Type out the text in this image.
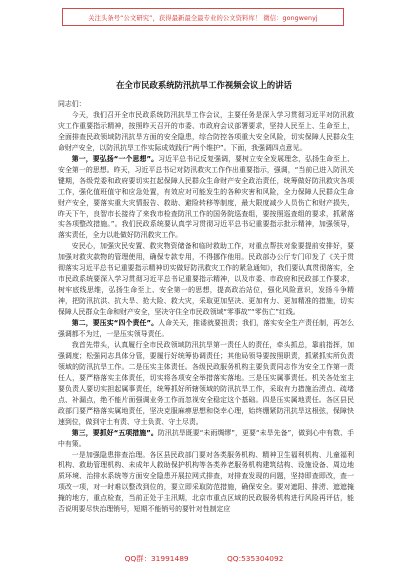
关注头条号“公文研究”，获得最新最全最专业的公文资料库！ 微信：gongwenyj
在全市民政系统防汛抗旱工作视频会议上的讲话

同志们：

今天，我们召开全市民政系统防汛抗旱工作会议，主要任务是深入学习贯彻习近平对防汛救灾工作重要指示精神，按照昨天召开的市委、市政府会议部署要求，坚持人民至上、生命至上，全面排查民政领域防汛抗旱方面的安全隐患，综合防控各项重大安全风险，切实保障人民群众生命财产安全，以防汛抗旱工作实际成效践行“两个维护”。下面，我强调四点意见。

第一，要弘扬“一个思想”。习近平总书记反复强调，要树立安全发展理念，弘扬生命至上、安全第一的思想。昨天，习近平总书记对防汛救灾工作作出重要指示，强调，“当前已进入防汛关键期，各级党委和政府要切实扛起保障人民群众生命财产安全政治责任，统筹做好防汛救灾各项工作，强化值班值守和应急处置，有效应对可能发生的各种灾害和风险，全力保障人民群众生命财产安全，要落实重大灾情报告、救助、避险转移等制度，最大限度减少人员伤亡和财产损失，昨天下午，良智市长接待了来我市检查防汛工作的国务院巡查组，要按照巡查组的要求，抓紧落实各项整改措施。”。我们民政系统要认真学习贯彻习近平总书记重要指示批示精神，加强领导，落实责任，全力以赴做好防汛救灾工作。

安民心，加强灾民安置、救灾物资储备和临时救助工作，对重点帮扶对象要提前安排好，要加强对救灾款物的管理使用，确保专款专用，不得挪作他用。民政部办公厅专门印发了《关于贯彻落实习近平总书记重要指示精神切实做好防汛救灾工作的紧急通知》，我们要认真贯彻落实，全市民政系统要深入学习贯彻习近平总书记重要指示精神，以及市委、市政府和民政部工作要求，树牢底线思维，弘扬生命至上、安全第一的思想，提高政治站位，强化风险意识，发扬斗争精神，把防汛抗洪、抗大旱、抢大险、救大灾，采取更加坚决、更加有力、更加精准的措施，切实保障人民群众生命和财产安全，坚决守住全市民政领域“零事故”“零伤亡”红线。

第二，要压实“四个责任”。人命关天，推诿就要担责；我们，落实安全生产责任制，再怎么强调都不为过，一是压实领导责任。

我首先带头，认真履行全市民政领域防汛抗旱第一责任人的责任，牵头抓总，靠前指挥，加强调度；松强同志具体分管，要履行好统筹协调责任；其他局领导要按照职责，抓紧抓实所负责领域的防汛抗旱工作。二是压实主体责任。各级民政服务机构主要负责同志作为安全工作第一责任人，要严格落实主体责任，切实将各项安全举措落实落地。三是压实属事责任。机关各处室主要负责人要切实担起属事责任，统筹抓好所辖领域的防汛抗旱工作，采取有力措施治涝点、疏堵点、补漏点，绝不能片面强调业务工作而忽视安全稳定这个基础。四是压实属地责任。各区县民政部门要严格落实属地责任，坚决克服麻痹思想和侥幸心理，始终绷紧防汛抗旱这根弦，保障快速到位，做到守土有责、守土负责、守土尽责。

第三，要抓好“五项措施”。防汛抗旱既要“未雨绸缪”，更要“未旱先备”，做到心中有数、手中有策。

一是加强隐患排查治理。各区县民政部门要对各类服务机构、精神卫生福利机构、儿童福利机构、救助管理机构、未成年人救助保护机构等各类养老服务机构建筑结构、设施设备、周边地质环境、治排水系统等方面安全隐患开展拉网式排查，对排查发现的问题，坚持即查即改，查一项改一项，对一时难以整改到位的，要立即采取防范措施，确保安全。要对遮阳、排涝、遮遮掩掩的地方，重点检查，当前正处于主汛期，北京市重点区域的民政服务机构进行风险再评估，能否说明要尽快治理销号，短期不能销号的要针对性制定应

QQ群：31991489	QQ:535304092
